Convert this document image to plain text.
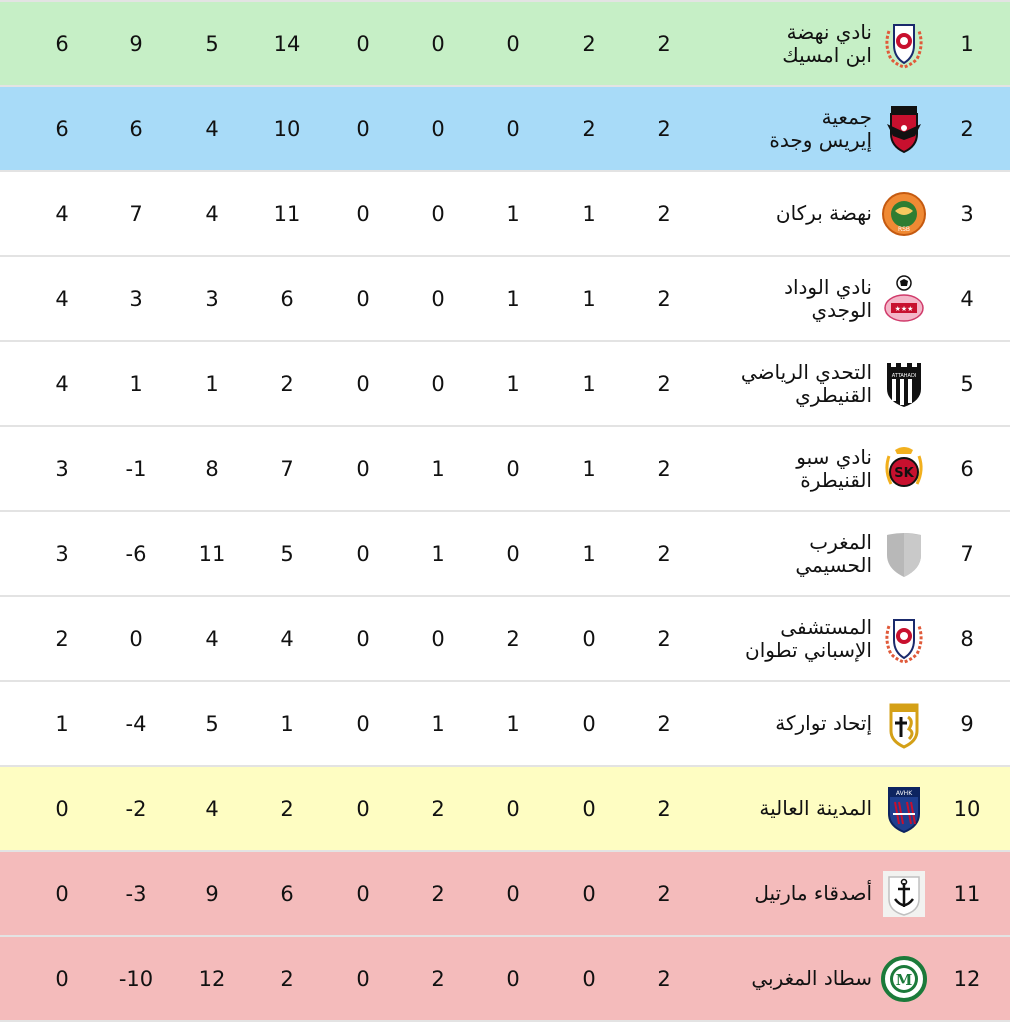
1
نادي نهضة
ابن امسيك
2
2
0
0
0
14
5
9
6
2
جمعية
إيريس وجدة
2
2
0
0
0
10
4
6
6
3
نهضة بركان
RSB
2
1
1
0
0
11
4
7
4
4
نادي الوداد
الوجدي	★★★
2
1
1
0
0
6
3
3
4
5
التحدي الرياضي
القنيطري
ATTAHADI
2
1
1
0
0
2
1
1
4
6
نادي سبو
القنيطرة SK
2
1
0
1
0
7
8
-1
3
7
المغرب
الحسيمي
2
1
0
1
0
5
11
-6
3
8
المستشفى
الإسباني تطوان
2
0
2
0
0
4
4
0
2
9
إتحاد تواركة
2
0
1
1
0
1
5
-4
1
10
المدينة العالية
AVHK
2
0
0
2
0
2
4
-2
0
11
أصدقاء مارتيل
2
0
0
2
0
6
9
-3
0
12
سطاد المغربي M
2
0
0
2
0
2
12
-10
0
